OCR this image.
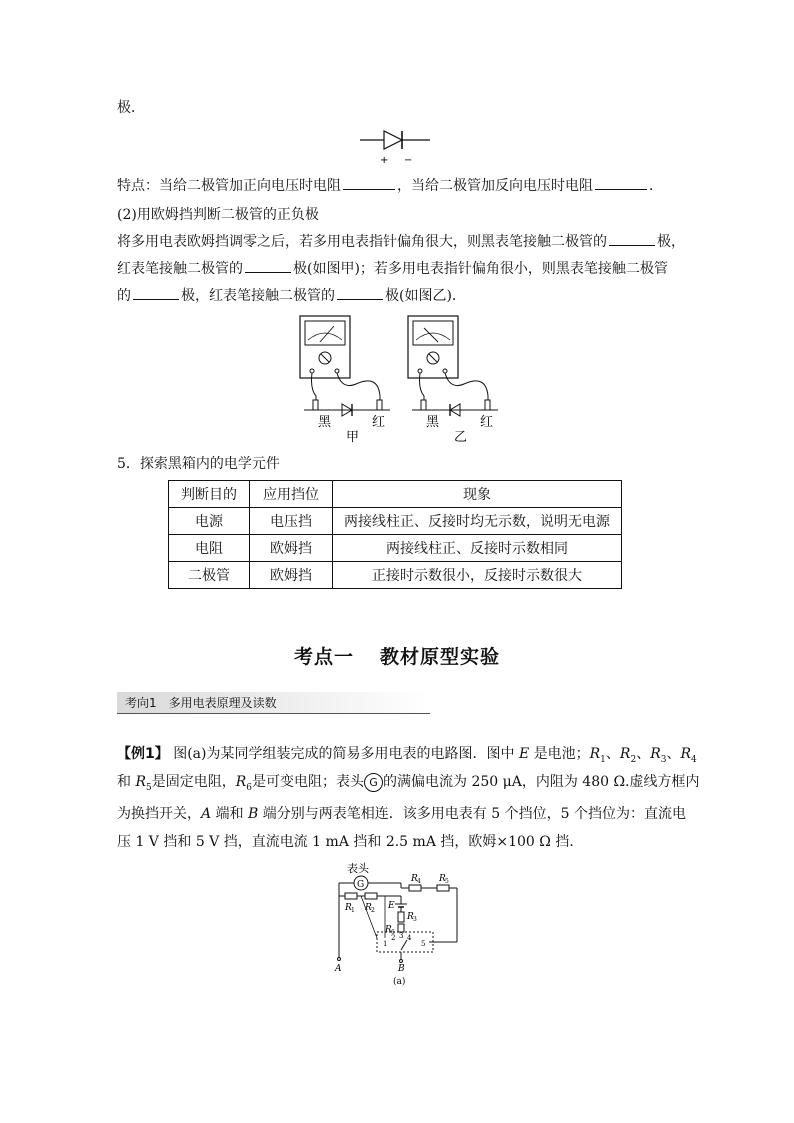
极．
+ −
特点：当给二极管加正向电压时电阻	，当给二极管加反向电压时电阻	．
(2)用欧姆挡判断二极管的正负极
将多用电表欧姆挡调零之后，若多用电表指针偏角很大，则黑表笔接触二极管的	极，
红表笔接触二极管的	极(如图甲)；若多用电表指针偏角很小，则黑表笔接触二极管
的	极，红表笔接触二极管的	极(如图乙)．
黑	红
甲
黑	红
乙
5．探索黑箱内的电学元件
判断目的	应用挡位	现象
电源	电压挡	两接线柱正、反接时均无示数，说明无电源
电阻	欧姆挡	两接线柱正、反接时示数相同
二极管	欧姆挡	正接时示数很小，反接时示数很大
考点一 教材原型实验
考向1 多用电表原理及读数
【例1】 图(a)为某同学组装完成的简易多用电表的电路图．图中 E 是电池；$R_1$、$R_2$、$R_3$、$R_4$
和 $R_5$是固定电阻，$R_6$是可变电阻；表头 G 的满偏电流为 250 μA，内阻为 480 Ω.虚线方框内
为换挡开关，A 端和 B 端分别与两表笔相连．该多用电表有 5 个挡位，5 个挡位为：直流电
压 1 V 挡和 5 V 挡，直流电流 1 mA 挡和 2.5 mA 挡，欧姆×100 Ω 挡．
表头
G
R 1 R 2
R 4 R 5
E
R 3
R 6
1
2 3 4
5
A	B
(a)
